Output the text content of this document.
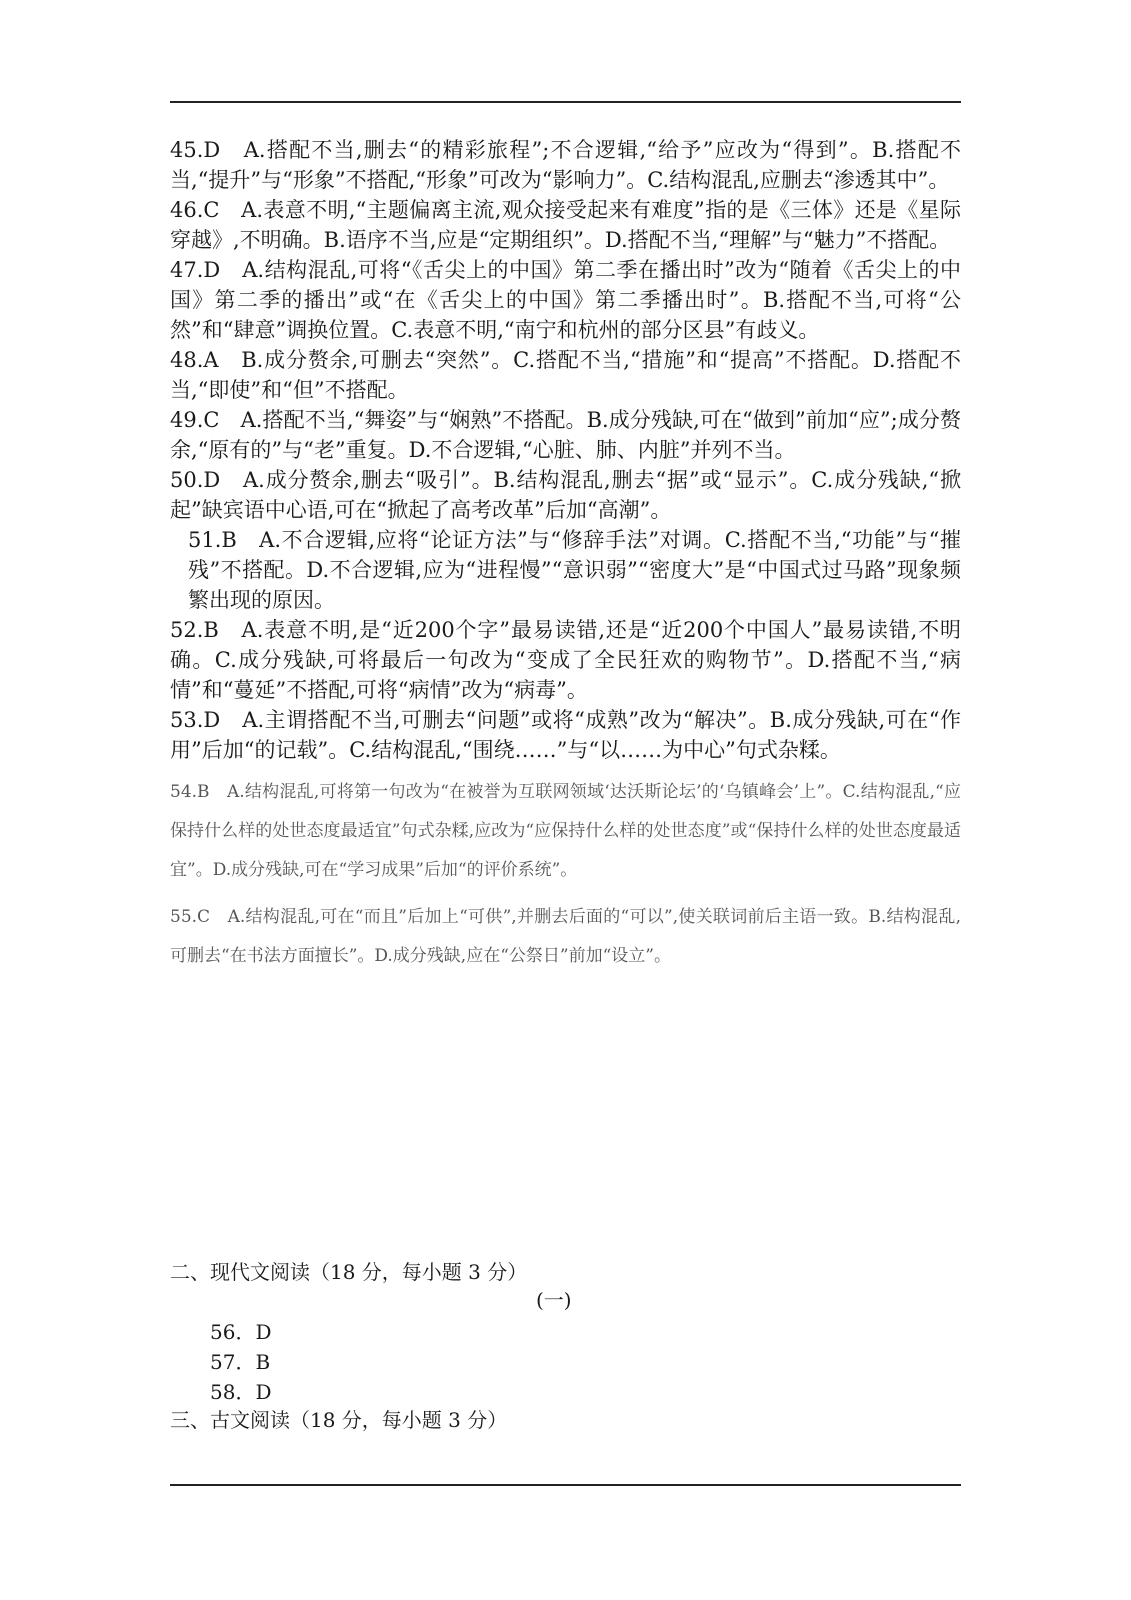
45.D　A.搭配不当,删去“的精彩旅程”;不合逻辑,“给予”应改为“得到”。B.搭配不当,“提升”与“形象”不搭配,“形象”可改为“影响力”。C.结构混乱,应删去“渗透其中”。

46.C　A.表意不明,“主题偏离主流,观众接受起来有难度”指的是《三体》还是《星际穿越》,不明确。B.语序不当,应是“定期组织”。D.搭配不当,“理解”与“魅力”不搭配。

47.D　A.结构混乱,可将“《舌尖上的中国》第二季在播出时”改为“随着《舌尖上的中国》第二季的播出”或“在《舌尖上的中国》第二季播出时”。B.搭配不当,可将“公然”和“肆意”调换位置。C.表意不明,“南宁和杭州的部分区县”有歧义。

48.A　B.成分赘余,可删去“突然”。C.搭配不当,“措施”和“提高”不搭配。D.搭配不当,“即使”和“但”不搭配。

49.C　A.搭配不当,“舞姿”与“娴熟”不搭配。B.成分残缺,可在“做到”前加“应”;成分赘余,“原有的”与“老”重复。D.不合逻辑,“心脏、肺、内脏”并列不当。

50.D　A.成分赘余,删去“吸引”。B.结构混乱,删去“据”或“显示”。C.成分残缺,“掀起”缺宾语中心语,可在“掀起了高考改革”后加“高潮”。

51.B　A.不合逻辑,应将“论证方法”与“修辞手法”对调。C.搭配不当,“功能”与“摧残”不搭配。D.不合逻辑,应为“进程慢”“意识弱”“密度大”是“中国式过马路”现象频繁出现的原因。

52.B　A.表意不明,是“近200个字”最易读错,还是“近200个中国人”最易读错,不明确。C.成分残缺,可将最后一句改为“变成了全民狂欢的购物节”。D.搭配不当,“病情”和“蔓延”不搭配,可将“病情”改为“病毒”。

53.D　A.主谓搭配不当,可删去“问题”或将“成熟”改为“解决”。B.成分残缺,可在“作用”后加“的记载”。C.结构混乱,“围绕……”与“以……为中心”句式杂糅。

54.B　A.结构混乱,可将第一句改为“在被誉为互联网领域‘达沃斯论坛’的‘乌镇峰会’上”。C.结构混乱,“应保持什么样的处世态度最适宜”句式杂糅,应改为“应保持什么样的处世态度”或“保持什么样的处世态度最适宜”。D.成分残缺,可在“学习成果”后加“的评价系统”。

55.C　A.结构混乱,可在“而且”后加上“可供”,并删去后面的“可以”,使关联词前后主语一致。B.结构混乱,可删去“在书法方面擅长”。D.成分残缺,应在“公祭日”前加“设立”。

二、现代文阅读（18 分，每小题 3 分）

(一)

56．D

57．B

58．D

三、古文阅读（18 分，每小题 3 分）
